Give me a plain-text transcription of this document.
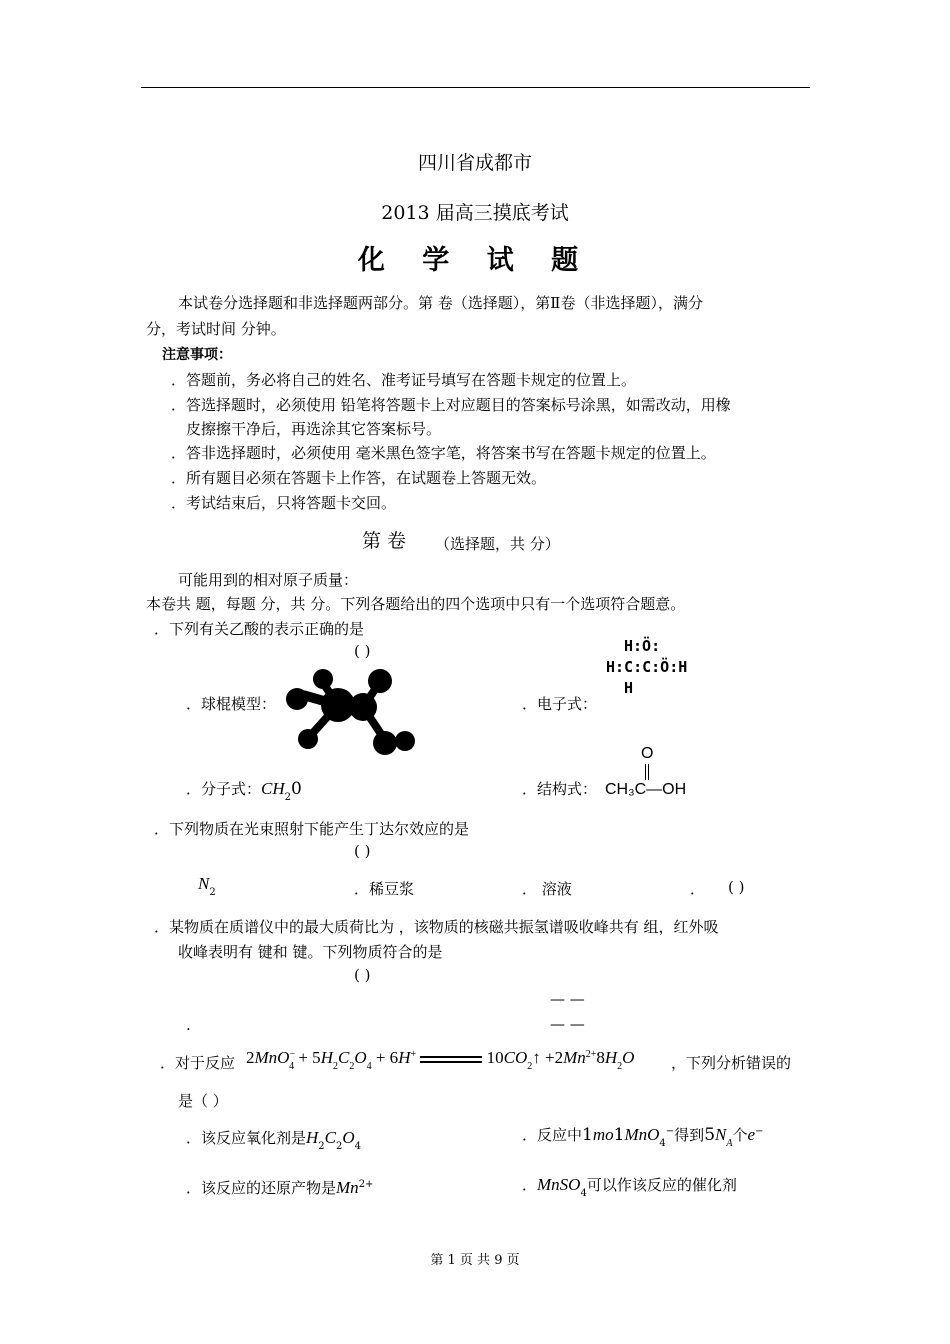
四川省成都市
2013 届高三摸底考试
化 学 试 题
本试卷分选择题和非选择题两部分。第 卷（选择题），第Ⅱ卷（非选择题），满分
分，考试时间 分钟。
注意事项：
．答题前，务必将自己的姓名、准考证号填写在答题卡规定的位置上。
．答选择题时，必须使用 铅笔将答题卡上对应题目的答案标号涂黑，如需改动，用橡
皮擦擦干净后，再选涂其它答案标号。
．答非选择题时，必须使用 毫米黑色签字笔，将答案书写在答题卡规定的位置上。
．所有题目必须在答题卡上作答，在试题卷上答题无效。
．考试结束后，只将答题卡交回。
第 卷 （选择题，共 分）
可能用到的相对原子质量：
本卷共 题，每题 分，共 分。下列各题给出的四个选项中只有一个选项符合题意。
．下列有关乙酸的表示正确的是
( )
．球棍模型：	．电子式：
H:Ö:
H:C:C:Ö:H
H
．分子式：$CH_20$	．结构式：
O
CH₃C—OH
．下列物质在光束照射下能产生丁达尔效应的是
( )
$N_2$	．稀豆浆	． 溶液	． ( )
．某物质在质谱仪中的最大质荷比为 ，该物质的核磁共振氢谱吸收峰共有 组，红外吸
收峰表明有 键和 键。下列物质符合的是
( )
— —
— —
.
．对于反应 $2MnO^-_4 + 5H_2C_2O_4 + 6H^+$	$10CO_2↑ +2Mn^{2+}8H_2O$ ，下列分析错误的
是（ ）
．该反应氧化剂是$H_2C_2O_4$
．反应中1mo1MnO$_4$−得到$5N_A$个e−
．该反应的还原产物是$Mn^{2+}$	．MnSO$_4$可以作该反应的催化剂
第 1 页 共 9 页
